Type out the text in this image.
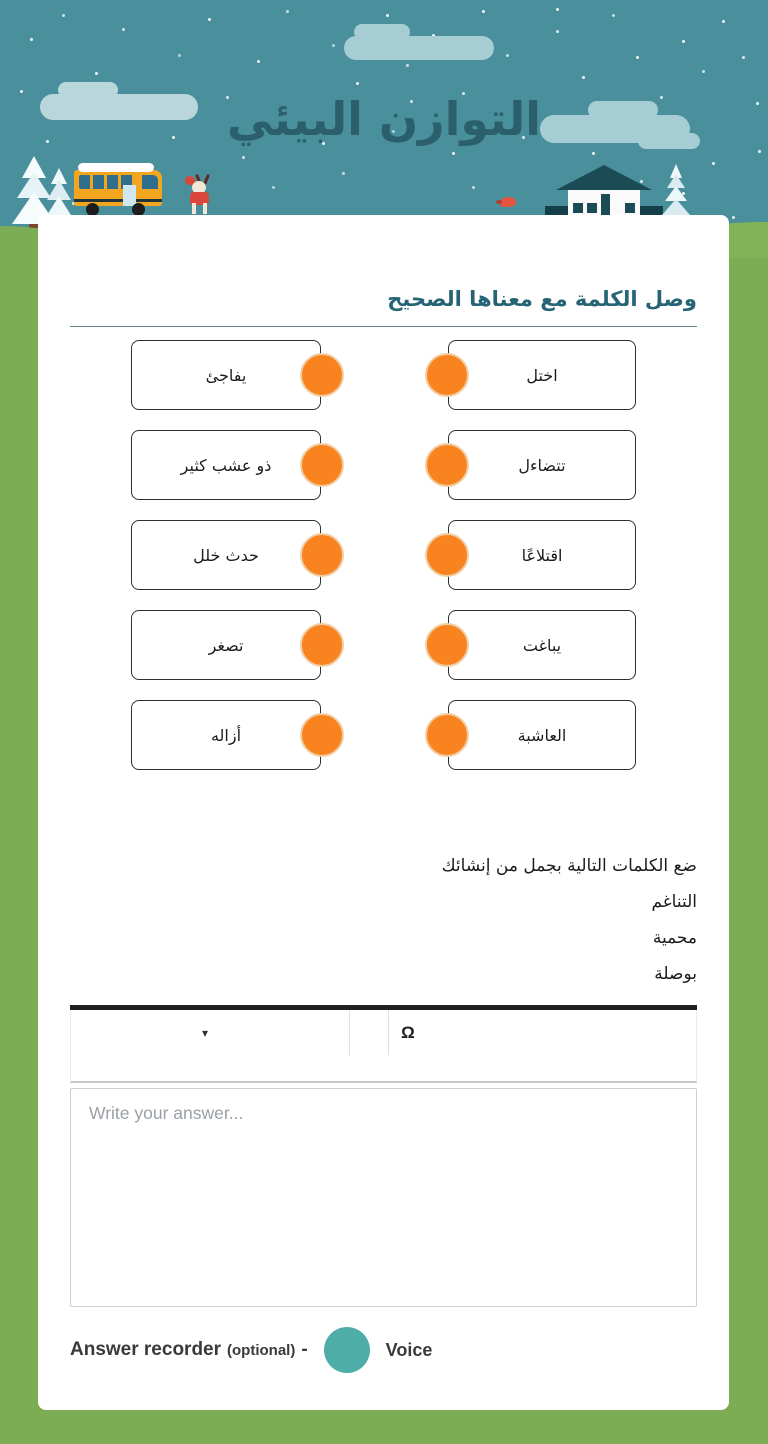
التوازن البيئي
وصل الكلمة مع معناها الصحيح
يفاجئ	اختل
ذو عشب كثير	تتضاءل
حدث خلل	اقتلاعًا
تصغر	يباغت
أزاله	العاشبة

ضع الكلمات التالية بجمل من إنشائك

التناغم

محمية

بوصلة

▾	Ω
Write your answer...
Answer recorder (optional) -	Voice
